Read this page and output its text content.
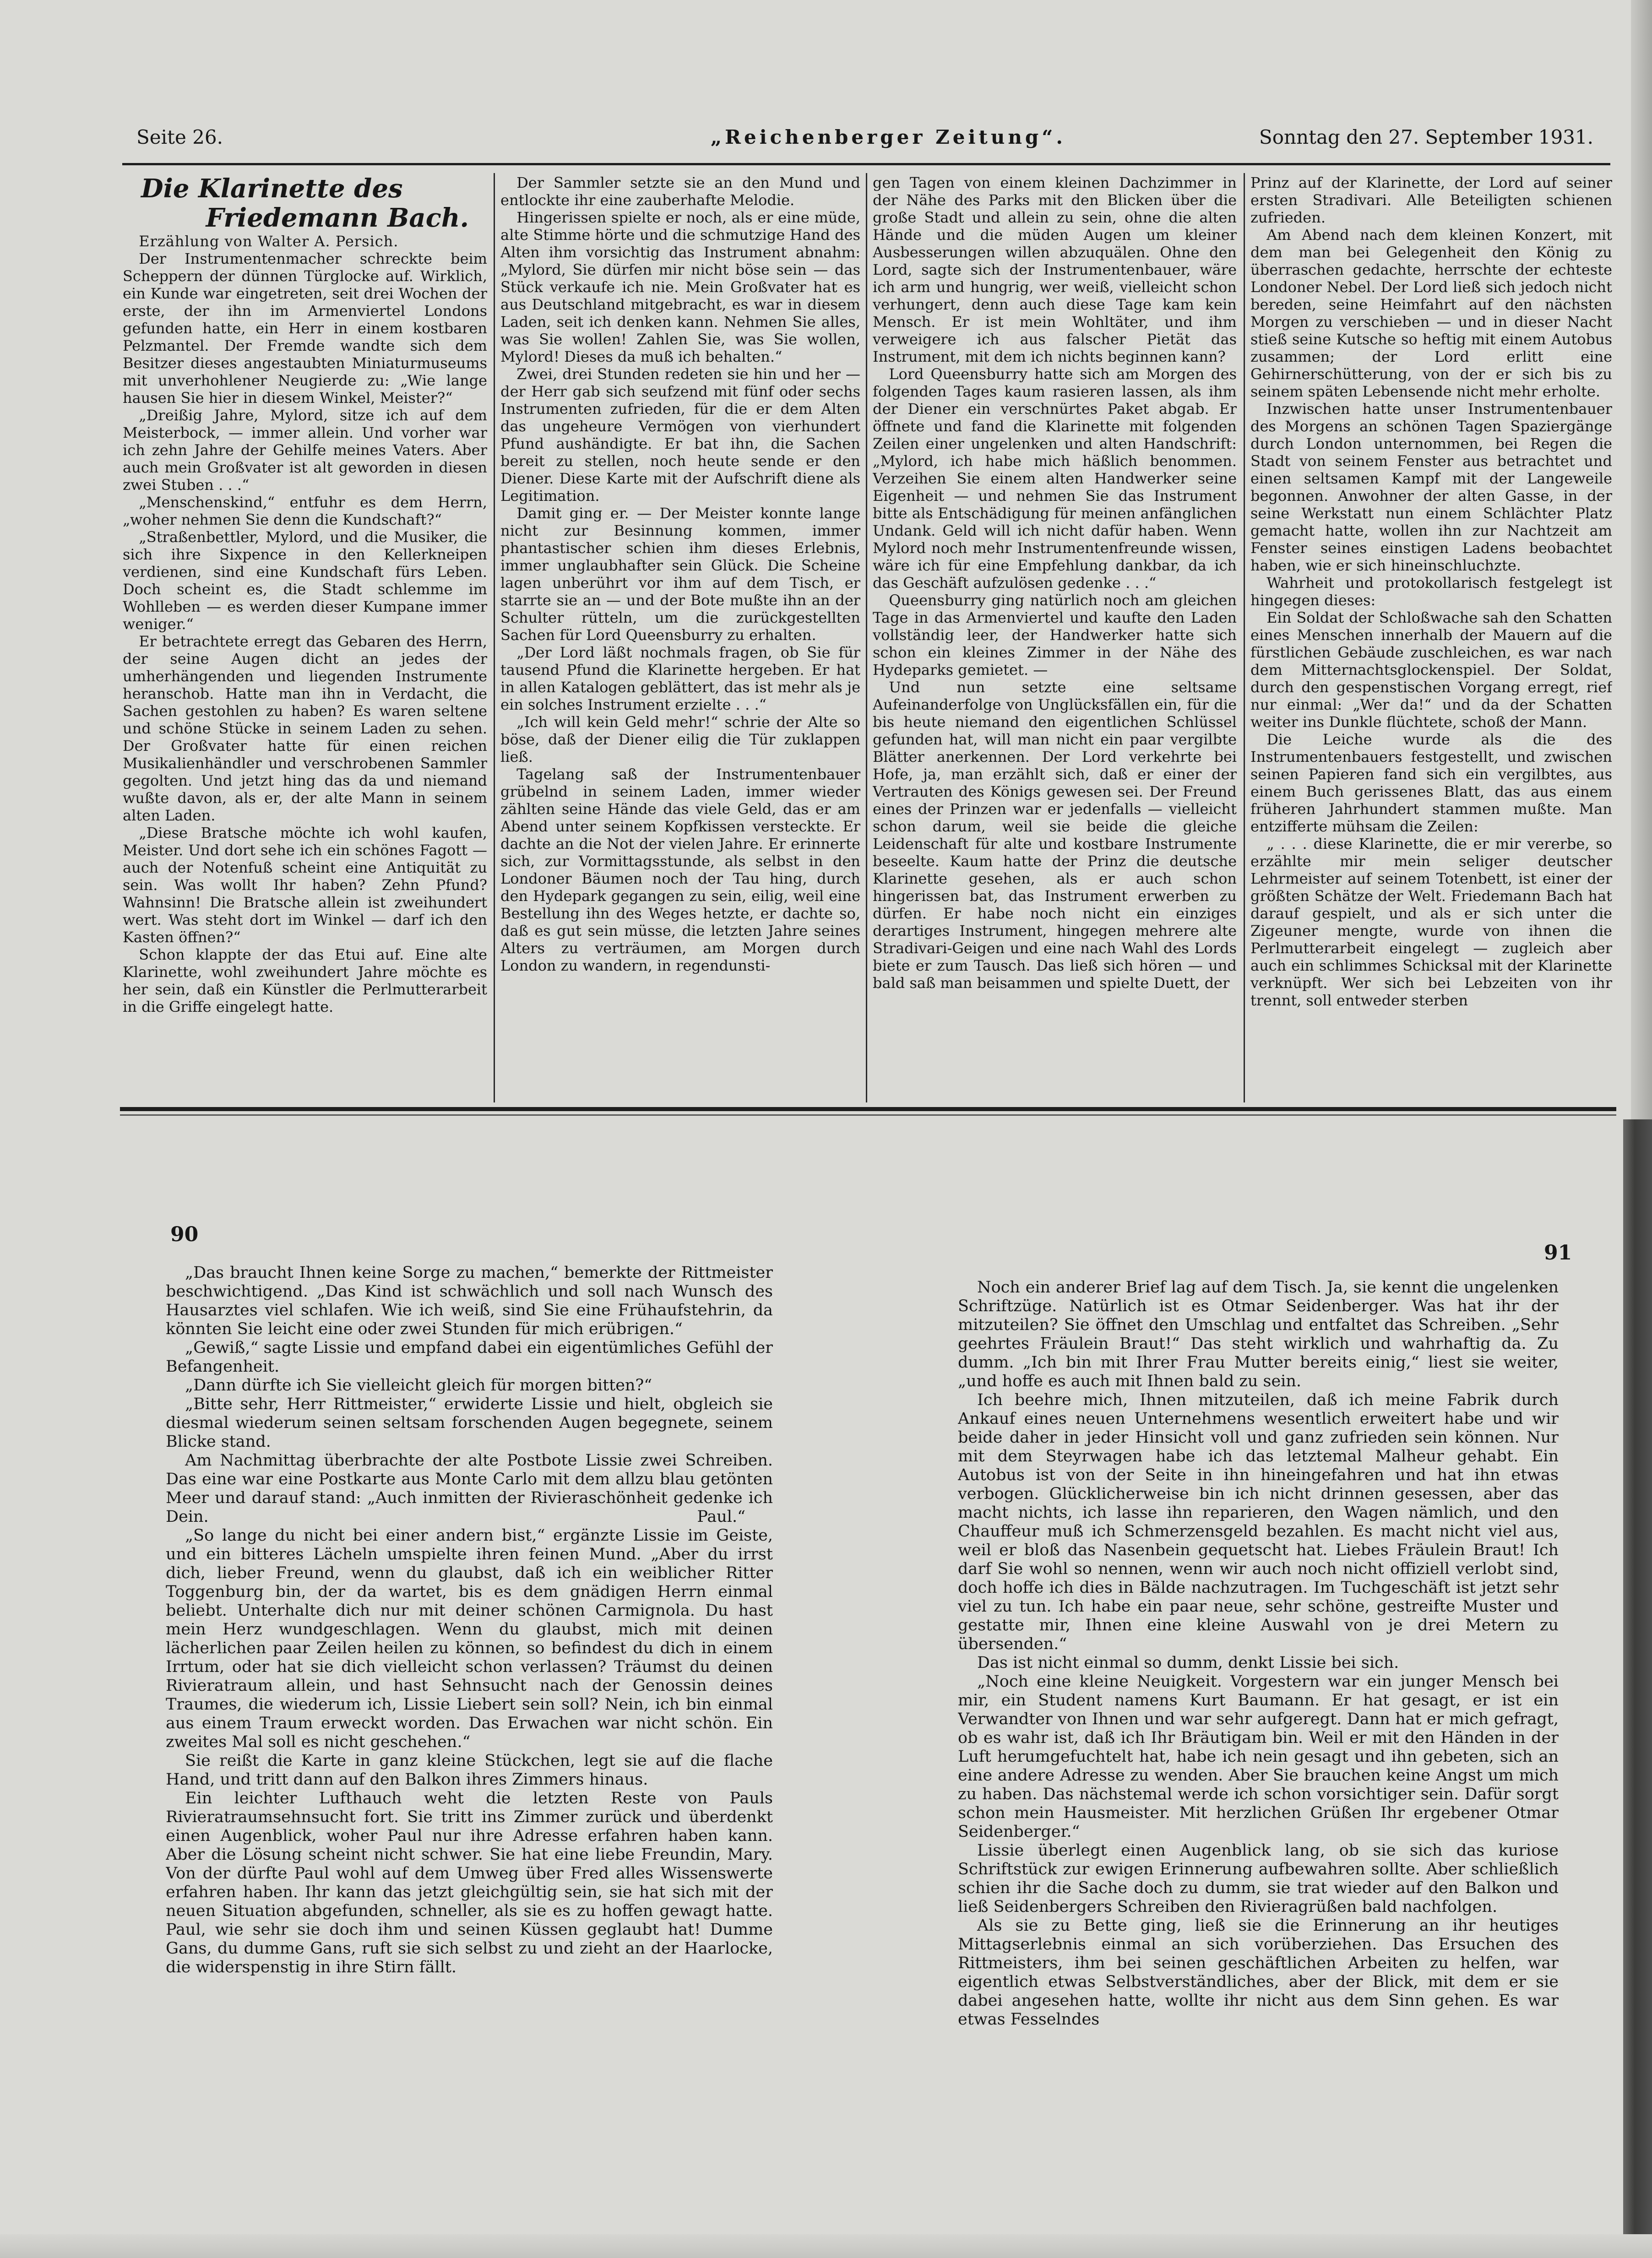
Seite 26.	„Reichenberger Zeitung“.	Sonntag den 27. September 1931.
Die Klarinette des
Friedemann Bach.

Erzählung von Walter A. Persich.

Der Instrumentenmacher schreckte beim Scheppern der dünnen Türglocke auf. Wirklich, ein Kunde war eingetreten, seit drei Wochen der erste, der ihn im Armenviertel Londons gefunden hatte, ein Herr in einem kostbaren Pelzmantel. Der Fremde wandte sich dem Besitzer dieses angestaubten Miniaturmuseums mit unverhohlener Neugierde zu: „Wie lange hausen Sie hier in diesem Winkel, Meister?“

„Dreißig Jahre, Mylord, sitze ich auf dem Meisterbock, — immer allein. Und vorher war ich zehn Jahre der Gehilfe meines Vaters. Aber auch mein Großvater ist alt geworden in diesen zwei Stuben . . .“

„Menschenskind,“ entfuhr es dem Herrn, „woher nehmen Sie denn die Kundschaft?“

„Straßenbettler, Mylord, und die Musiker, die sich ihre Sixpence in den Kellerkneipen verdienen, sind eine Kundschaft fürs Leben. Doch scheint es, die Stadt schlemme im Wohlleben — es werden dieser Kumpane immer weniger.“

Er betrachtete erregt das Gebaren des Herrn, der seine Augen dicht an jedes der umherhängenden und liegenden Instrumente heranschob. Hatte man ihn in Verdacht, die Sachen gestohlen zu haben? Es waren seltene und schöne Stücke in seinem Laden zu sehen. Der Großvater hatte für einen reichen Musikalienhändler und verschrobenen Sammler gegolten. Und jetzt hing das da und niemand wußte davon, als er, der alte Mann in seinem alten Laden.

„Diese Bratsche möchte ich wohl kaufen, Meister. Und dort sehe ich ein schönes Fagott — auch der Notenfuß scheint eine Antiquität zu sein. Was wollt Ihr haben? Zehn Pfund? Wahnsinn! Die Bratsche allein ist zweihundert wert. Was steht dort im Winkel — darf ich den Kasten öffnen?“

Schon klappte der das Etui auf. Eine alte Klarinette, wohl zweihundert Jahre möchte es her sein, daß ein Künstler die Perlmutterarbeit in die Griffe eingelegt hatte.

Der Sammler setzte sie an den Mund und entlockte ihr eine zauberhafte Melodie.

Hingerissen spielte er noch, als er eine müde, alte Stimme hörte und die schmutzige Hand des Alten ihm vorsichtig das Instrument abnahm: „Mylord, Sie dürfen mir nicht böse sein — das Stück verkaufe ich nie. Mein Großvater hat es aus Deutschland mitgebracht, es war in diesem Laden, seit ich denken kann. Nehmen Sie alles, was Sie wollen! Zahlen Sie, was Sie wollen, Mylord! Dieses da muß ich behalten.“

Zwei, drei Stunden redeten sie hin und her — der Herr gab sich seufzend mit fünf oder sechs Instrumenten zufrieden, für die er dem Alten das ungeheure Vermögen von vierhundert Pfund aushändigte. Er bat ihn, die Sachen bereit zu stellen, noch heute sende er den Diener. Diese Karte mit der Aufschrift diene als Legitimation.

Damit ging er. — Der Meister konnte lange nicht zur Besinnung kommen, immer phantastischer schien ihm dieses Erlebnis, immer unglaubhafter sein Glück. Die Scheine lagen unberührt vor ihm auf dem Tisch, er starrte sie an — und der Bote mußte ihn an der Schulter rütteln, um die zurückgestellten Sachen für Lord Queensburry zu erhalten.

„Der Lord läßt nochmals fragen, ob Sie für tausend Pfund die Klarinette hergeben. Er hat in allen Katalogen geblättert, das ist mehr als je ein solches Instrument erzielte . . .“

„Ich will kein Geld mehr!“ schrie der Alte so böse, daß der Diener eilig die Tür zuklappen ließ.

Tagelang saß der Instrumentenbauer grübelnd in seinem Laden, immer wieder zählten seine Hände das viele Geld, das er am Abend unter seinem Kopfkissen versteckte. Er dachte an die Not der vielen Jahre. Er erinnerte sich, zur Vormittagsstunde, als selbst in den Londoner Bäumen noch der Tau hing, durch den Hydepark gegangen zu sein, eilig, weil eine Bestellung ihn des Weges hetzte, er dachte so, daß es gut sein müsse, die letzten Jahre seines Alters zu verträumen, am Morgen durch London zu wandern, in regendunsti-

gen Tagen von einem kleinen Dachzimmer in der Nähe des Parks mit den Blicken über die große Stadt und allein zu sein, ohne die alten Hände und die müden Augen um kleiner Ausbesserungen willen abzuquälen. Ohne den Lord, sagte sich der Instrumentenbauer, wäre ich arm und hungrig, wer weiß, vielleicht schon verhungert, denn auch diese Tage kam kein Mensch. Er ist mein Wohltäter, und ihm verweigere ich aus falscher Pietät das Instrument, mit dem ich nichts beginnen kann?

Lord Queensburry hatte sich am Morgen des folgenden Tages kaum rasieren lassen, als ihm der Diener ein verschnürtes Paket abgab. Er öffnete und fand die Klarinette mit folgenden Zeilen einer ungelenken und alten Handschrift: „Mylord, ich habe mich häßlich benommen. Verzeihen Sie einem alten Handwerker seine Eigenheit — und nehmen Sie das Instrument bitte als Entschädigung für meinen anfänglichen Undank. Geld will ich nicht dafür haben. Wenn Mylord noch mehr Instrumentenfreunde wissen, wäre ich für eine Empfehlung dankbar, da ich das Geschäft aufzulösen gedenke . . .“

Queensburry ging natürlich noch am gleichen Tage in das Armenviertel und kaufte den Laden vollständig leer, der Handwerker hatte sich schon ein kleines Zimmer in der Nähe des Hydeparks gemietet. —

Und nun setzte eine seltsame Aufeinanderfolge von Unglücksfällen ein, für die bis heute niemand den eigentlichen Schlüssel gefunden hat, will man nicht ein paar vergilbte Blätter anerkennen. Der Lord verkehrte bei Hofe, ja, man erzählt sich, daß er einer der Vertrauten des Königs gewesen sei. Der Freund eines der Prinzen war er jedenfalls — vielleicht schon darum, weil sie beide die gleiche Leidenschaft für alte und kostbare Instrumente beseelte. Kaum hatte der Prinz die deutsche Klarinette gesehen, als er auch schon hingerissen bat, das Instrument erwerben zu dürfen. Er habe noch nicht ein einziges derartiges Instrument, hingegen mehrere alte Stradivari-Geigen und eine nach Wahl des Lords biete er zum Tausch. Das ließ sich hören — und bald saß man beisammen und spielte Duett, der

Prinz auf der Klarinette, der Lord auf seiner ersten Stradivari. Alle Beteiligten schienen zufrieden.

Am Abend nach dem kleinen Konzert, mit dem man bei Gelegenheit den König zu überraschen gedachte, herrschte der echteste Londoner Nebel. Der Lord ließ sich jedoch nicht bereden, seine Heimfahrt auf den nächsten Morgen zu verschieben — und in dieser Nacht stieß seine Kutsche so heftig mit einem Autobus zusammen; der Lord erlitt eine Gehirnerschütterung, von der er sich bis zu seinem späten Lebensende nicht mehr erholte.

Inzwischen hatte unser Instrumentenbauer des Morgens an schönen Tagen Spaziergänge durch London unternommen, bei Regen die Stadt von seinem Fenster aus betrachtet und einen seltsamen Kampf mit der Langeweile begonnen. Anwohner der alten Gasse, in der seine Werkstatt nun einem Schlächter Platz gemacht hatte, wollen ihn zur Nachtzeit am Fenster seines einstigen Ladens beobachtet haben, wie er sich hineinschluchzte.

Wahrheit und protokollarisch festgelegt ist hingegen dieses:

Ein Soldat der Schloßwache sah den Schatten eines Menschen innerhalb der Mauern auf die fürstlichen Gebäude zuschleichen, es war nach dem Mitternachtsglockenspiel. Der Soldat, durch den gespenstischen Vorgang erregt, rief nur einmal: „Wer da!“ und da der Schatten weiter ins Dunkle flüchtete, schoß der Mann.

Die Leiche wurde als die des Instrumentenbauers festgestellt, und zwischen seinen Papieren fand sich ein vergilbtes, aus einem Buch gerissenes Blatt, das aus einem früheren Jahrhundert stammen mußte. Man entzifferte mühsam die Zeilen:

„ . . . diese Klarinette, die er mir vererbe, so erzählte mir mein seliger deutscher Lehrmeister auf seinem Totenbett, ist einer der größten Schätze der Welt. Friedemann Bach hat darauf gespielt, und als er sich unter die Zigeuner mengte, wurde von ihnen die Perlmutterarbeit eingelegt — zugleich aber auch ein schlimmes Schicksal mit der Klarinette verknüpft. Wer sich bei Lebzeiten von ihr trennt, soll entweder sterben

90
91

„Das braucht Ihnen keine Sorge zu machen,“ bemerkte der Rittmeister beschwichtigend. „Das Kind ist schwächlich und soll nach Wunsch des Hausarztes viel schlafen. Wie ich weiß, sind Sie eine Frühaufstehrin, da könnten Sie leicht eine oder zwei Stunden für mich erübrigen.“

„Gewiß,“ sagte Lissie und empfand dabei ein eigentümliches Gefühl der Befangenheit.

„Dann dürfte ich Sie vielleicht gleich für morgen bitten?“

„Bitte sehr, Herr Rittmeister,“ erwiderte Lissie und hielt, obgleich sie diesmal wiederum seinen seltsam forschenden Augen begegnete, seinem Blicke stand.

Am Nachmittag überbrachte der alte Postbote Lissie zwei Schreiben. Das eine war eine Postkarte aus Monte Carlo mit dem allzu blau getönten Meer und darauf stand: „Auch inmitten der Rivieraschönheit gedenke ich Dein.	Paul.“

„So lange du nicht bei einer andern bist,“ ergänzte Lissie im Geiste, und ein bitteres Lächeln umspielte ihren feinen Mund. „Aber du irrst dich, lieber Freund, wenn du glaubst, daß ich ein weiblicher Ritter Toggenburg bin, der da wartet, bis es dem gnädigen Herrn einmal beliebt. Unterhalte dich nur mit deiner schönen Carmignola. Du hast mein Herz wundgeschlagen. Wenn du glaubst, mich mit deinen lächerlichen paar Zeilen heilen zu können, so befindest du dich in einem Irrtum, oder hat sie dich vielleicht schon verlassen? Träumst du deinen Rivieratraum allein, und hast Sehnsucht nach der Genossin deines Traumes, die wiederum ich, Lissie Liebert sein soll? Nein, ich bin einmal aus einem Traum erweckt worden. Das Erwachen war nicht schön. Ein zweites Mal soll es nicht geschehen.“

Sie reißt die Karte in ganz kleine Stückchen, legt sie auf die flache Hand, und tritt dann auf den Balkon ihres Zimmers hinaus.

Ein leichter Lufthauch weht die letzten Reste von Pauls Rivieratraumsehnsucht fort. Sie tritt ins Zimmer zurück und überdenkt einen Augenblick, woher Paul nur ihre Adresse erfahren haben kann. Aber die Lösung scheint nicht schwer. Sie hat eine liebe Freundin, Mary. Von der dürfte Paul wohl auf dem Umweg über Fred alles Wissenswerte erfahren haben. Ihr kann das jetzt gleichgültig sein, sie hat sich mit der neuen Situation abgefunden, schneller, als sie es zu hoffen gewagt hatte. Paul, wie sehr sie doch ihm und seinen Küssen geglaubt hat! Dumme Gans, du dumme Gans, ruft sie sich selbst zu und zieht an der Haarlocke, die widerspenstig in ihre Stirn fällt.

Noch ein anderer Brief lag auf dem Tisch. Ja, sie kennt die ungelenken Schriftzüge. Natürlich ist es Otmar Seidenberger. Was hat ihr der mitzuteilen? Sie öffnet den Umschlag und entfaltet das Schreiben. „Sehr geehrtes Fräulein Braut!“ Das steht wirklich und wahrhaftig da. Zu dumm. „Ich bin mit Ihrer Frau Mutter bereits einig,“ liest sie weiter, „und hoffe es auch mit Ihnen bald zu sein.

Ich beehre mich, Ihnen mitzuteilen, daß ich meine Fabrik durch Ankauf eines neuen Unternehmens wesentlich erweitert habe und wir beide daher in jeder Hinsicht voll und ganz zufrieden sein können. Nur mit dem Steyrwagen habe ich das letztemal Malheur gehabt. Ein Autobus ist von der Seite in ihn hineingefahren und hat ihn etwas verbogen. Glücklicherweise bin ich nicht drinnen gesessen, aber das macht nichts, ich lasse ihn reparieren, den Wagen nämlich, und den Chauffeur muß ich Schmerzensgeld bezahlen. Es macht nicht viel aus, weil er bloß das Nasenbein gequetscht hat. Liebes Fräulein Braut! Ich darf Sie wohl so nennen, wenn wir auch noch nicht offiziell verlobt sind, doch hoffe ich dies in Bälde nachzutragen. Im Tuchgeschäft ist jetzt sehr viel zu tun. Ich habe ein paar neue, sehr schöne, gestreifte Muster und gestatte mir, Ihnen eine kleine Auswahl von je drei Metern zu übersenden.“

Das ist nicht einmal so dumm, denkt Lissie bei sich.

„Noch eine kleine Neuigkeit. Vorgestern war ein junger Mensch bei mir, ein Student namens Kurt Baumann. Er hat gesagt, er ist ein Verwandter von Ihnen und war sehr aufgeregt. Dann hat er mich gefragt, ob es wahr ist, daß ich Ihr Bräutigam bin. Weil er mit den Händen in der Luft herumgefuchtelt hat, habe ich nein gesagt und ihn gebeten, sich an eine andere Adresse zu wenden. Aber Sie brauchen keine Angst um mich zu haben. Das nächstemal werde ich schon vorsichtiger sein. Dafür sorgt schon mein Hausmeister. Mit herzlichen Grüßen Ihr ergebener Otmar Seidenberger.“

Lissie überlegt einen Augenblick lang, ob sie sich das kuriose Schriftstück zur ewigen Erinnerung aufbewahren sollte. Aber schließlich schien ihr die Sache doch zu dumm, sie trat wieder auf den Balkon und ließ Seidenbergers Schreiben den Rivieragrüßen bald nachfolgen.

Als sie zu Bette ging, ließ sie die Erinnerung an ihr heutiges Mittagserlebnis einmal an sich vorüberziehen. Das Ersuchen des Rittmeisters, ihm bei seinen geschäftlichen Arbeiten zu helfen, war eigentlich etwas Selbstverständliches, aber der Blick, mit dem er sie dabei angesehen hatte, wollte ihr nicht aus dem Sinn gehen. Es war etwas Fesselndes
